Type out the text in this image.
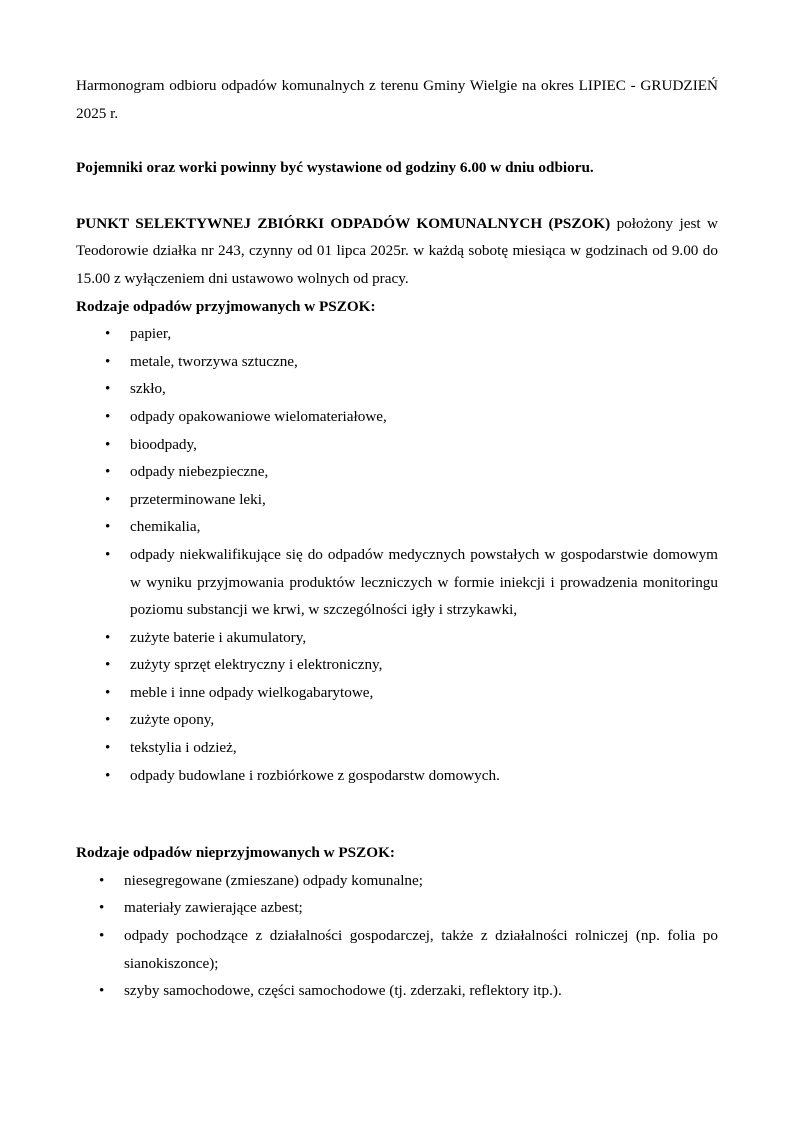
Harmonogram odbioru odpadów komunalnych z terenu Gminy Wielgie na okres LIPIEC - GRUDZIEŃ 2025 r.

Pojemniki oraz worki powinny być wystawione od godziny 6.00 w dniu odbioru.

PUNKT SELEKTYWNEJ ZBIÓRKI ODPADÓW KOMUNALNYCH (PSZOK) położony jest w Teodorowie działka nr 243, czynny od 01 lipca 2025r. w każdą sobotę miesiąca w godzinach od 9.00 do 15.00 z wyłączeniem dni ustawowo wolnych od pracy.

Rodzaje odpadów przyjmowanych w PSZOK:

• papier,
• metale, tworzywa sztuczne,
• szkło,
• odpady opakowaniowe wielomateriałowe,
• bioodpady,
• odpady niebezpieczne,
• przeterminowane leki,
• chemikalia,
• odpady niekwalifikujące się do odpadów medycznych powstałych w gospodarstwie domowym w wyniku przyjmowania produktów leczniczych w formie iniekcji i prowadzenia monitoringu poziomu substancji we krwi, w szczególności igły i strzykawki,
• zużyte baterie i akumulatory,
• zużyty sprzęt elektryczny i elektroniczny,
• meble i inne odpady wielkogabarytowe,
• zużyte opony,
• tekstylia i odzież,
• odpady budowlane i rozbiórkowe z gospodarstw domowych.

Rodzaje odpadów nieprzyjmowanych w PSZOK:

• niesegregowane (zmieszane) odpady komunalne;
• materiały zawierające azbest;
• odpady pochodzące z działalności gospodarczej, także z działalności rolniczej (np. folia po sianokiszonce);
• szyby samochodowe, części samochodowe (tj. zderzaki, reflektory itp.).
